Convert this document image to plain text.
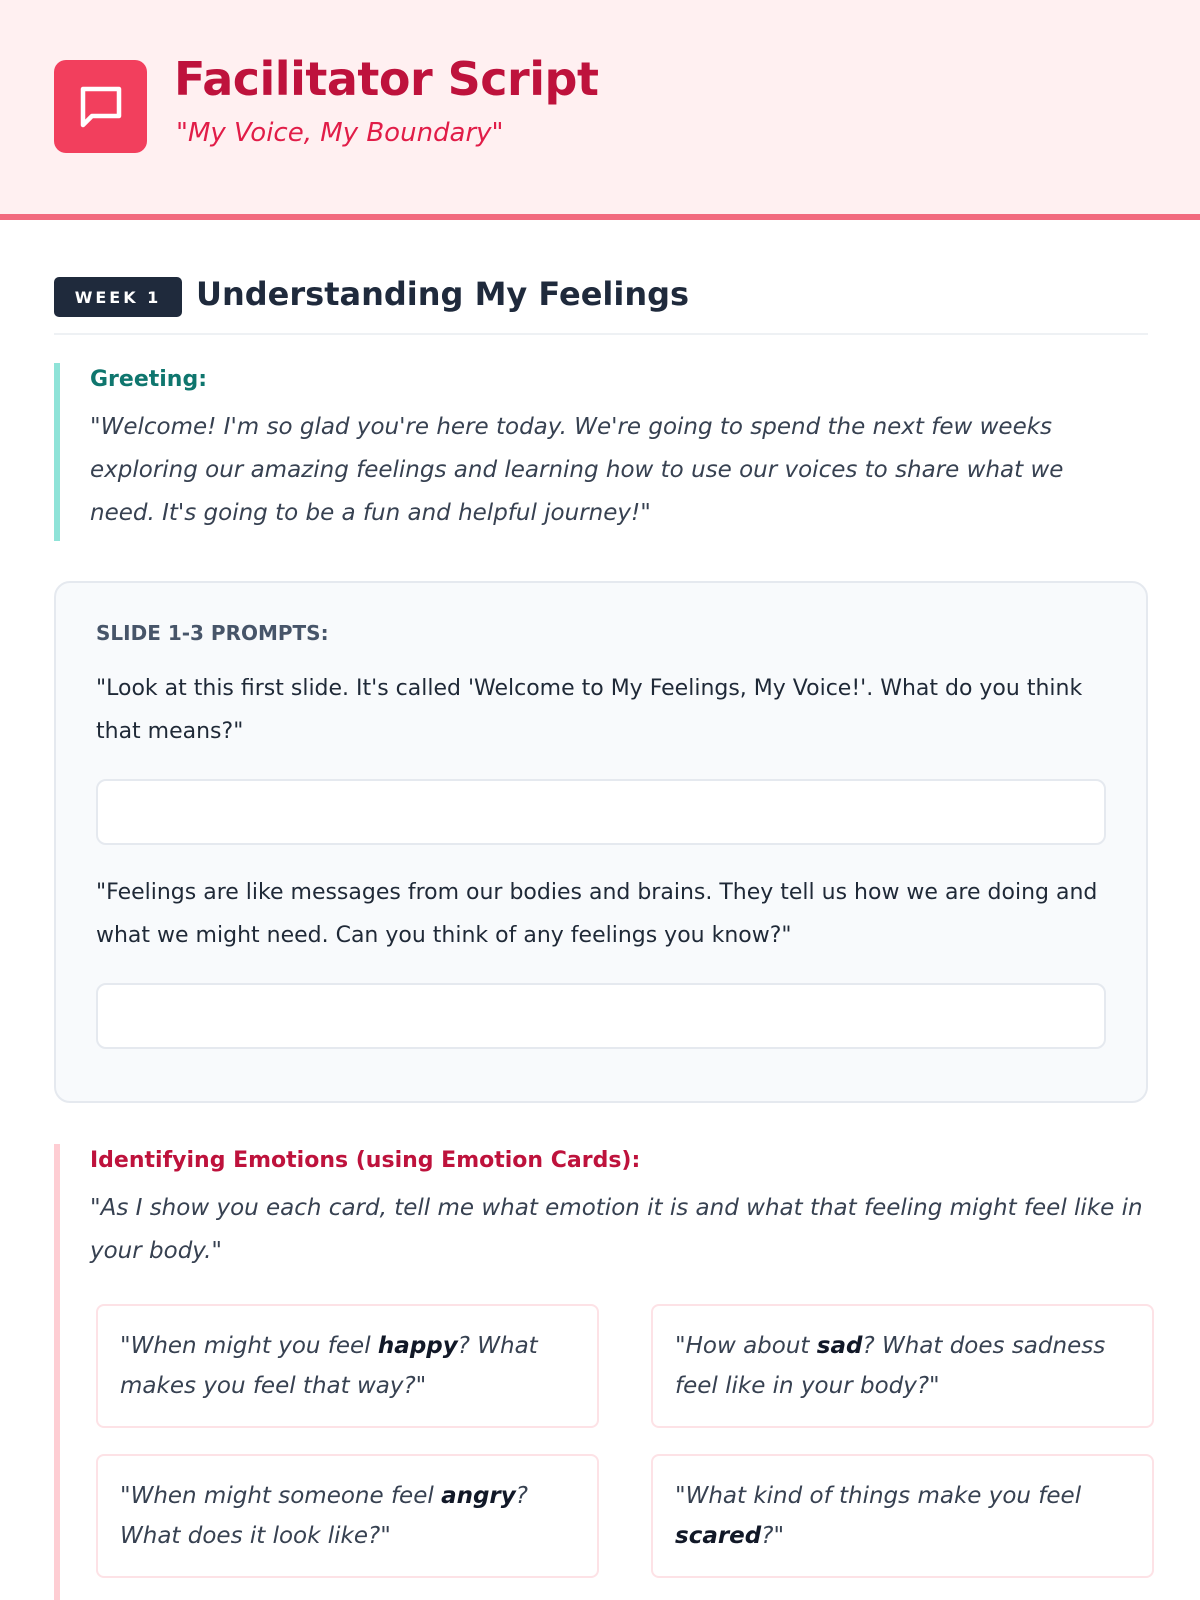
Facilitator Script
"My Voice, My Boundary"
WEEK 1	Understanding My Feelings
Greeting:
"Welcome! I'm so glad you're here today. We're going to spend the next few weeks exploring our amazing feelings and learning how to use our voices to share what we need. It's going to be a fun and helpful journey!"
SLIDE 1-3 PROMPTS:
"Look at this first slide. It's called 'Welcome to My Feelings, My Voice!'. What do you think that means?"
"Feelings are like messages from our bodies and brains. They tell us how we are doing and what we might need. Can you think of any feelings you know?"
Identifying Emotions (using Emotion Cards):
"As I show you each card, tell me what emotion it is and what that feeling might feel like in your body."
"When might you feel happy? What makes you feel that way?"
"How about sad? What does sadness feel like in your body?"
"When might someone feel angry? What does it look like?"
"What kind of things make you feel scared?"
